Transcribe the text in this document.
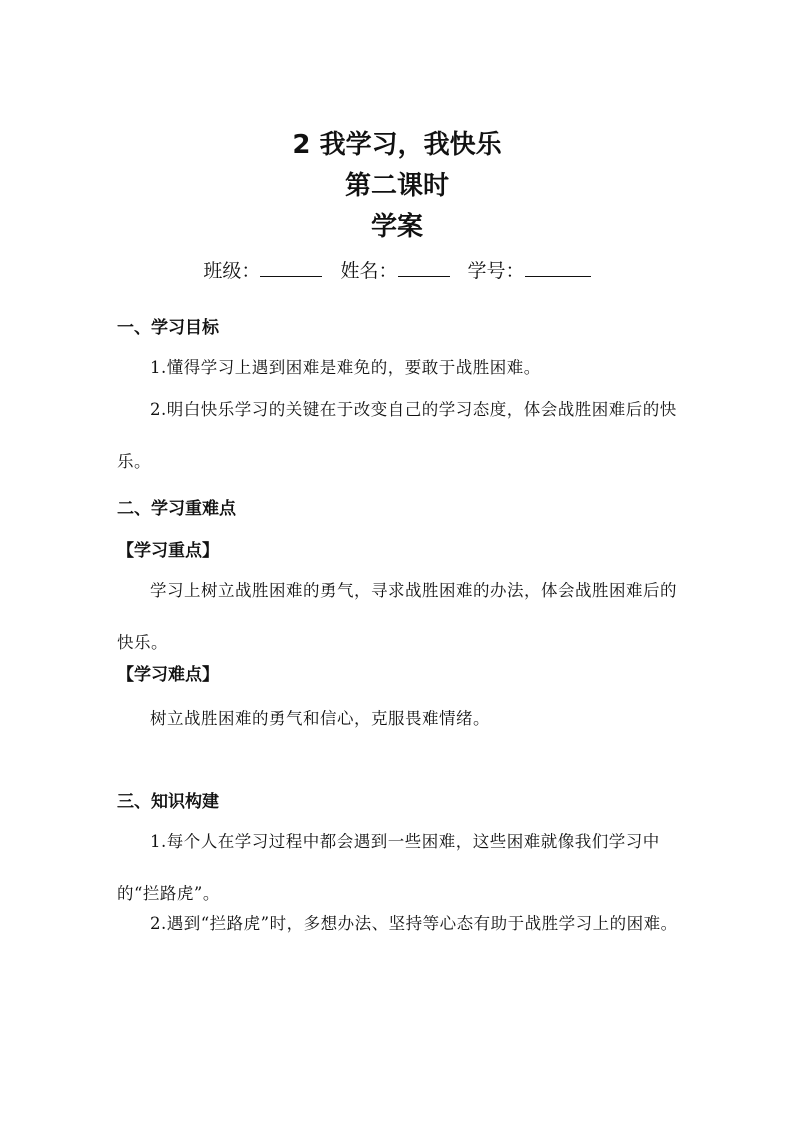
2 我学习，我快乐
第二课时
学案
班级：	姓名：	学号：
一、学习目标

1.懂得学习上遇到困难是难免的，要敢于战胜困难。

2.明白快乐学习的关键在于改变自己的学习态度，体会战胜困难后的快乐。

二、学习重难点
【学习重点】

学习上树立战胜困难的勇气，寻求战胜困难的办法，体会战胜困难后的快乐。

【学习难点】

树立战胜困难的勇气和信心，克服畏难情绪。

三、知识构建

1.每个人在学习过程中都会遇到一些困难，这些困难就像我们学习中的“拦路虎”。

2.遇到“拦路虎”时，多想办法、坚持等心态有助于战胜学习上的困难。
